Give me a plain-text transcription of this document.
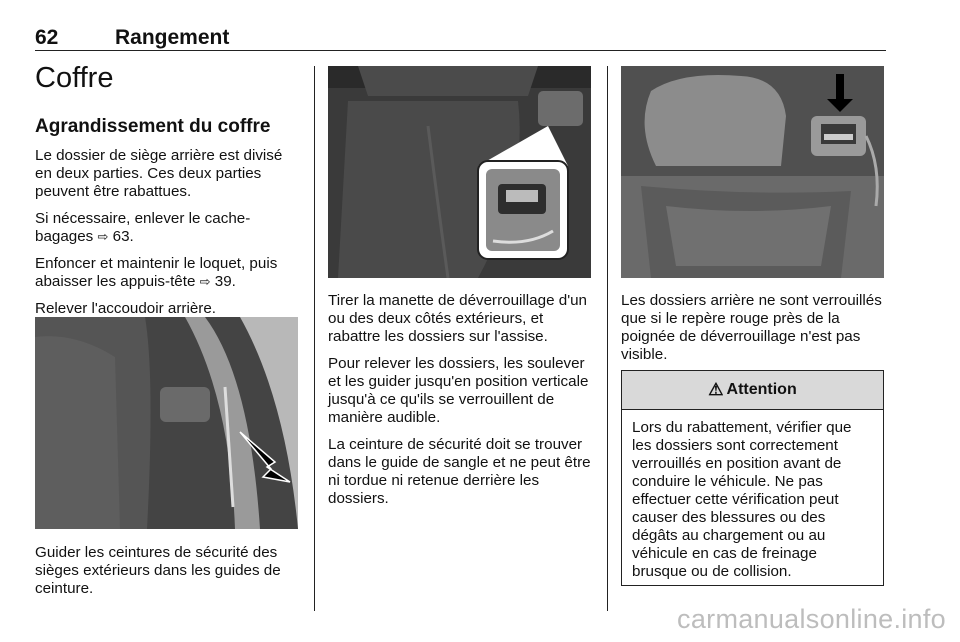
62	Rangement
Coffre
Agrandissement du coffre

Le dossier de siège arrière est divisé en deux parties. Ces deux parties peuvent être rabattues.

Si nécessaire, enlever le cache-bagages ⇨ 63.

Enfoncer et maintenir le loquet, puis abaisser les appuis-tête ⇨ 39.

Relever l'accoudoir arrière.

Guider les ceintures de sécurité des sièges extérieurs dans les guides de ceinture.

Tirer la manette de déverrouillage d'un ou des deux côtés extérieurs, et rabattre les dossiers sur l'assise.

Pour relever les dossiers, les soulever et les guider jusqu'en position verticale jusqu'à ce qu'ils se verrouillent de manière audible.

La ceinture de sécurité doit se trouver dans le guide de sangle et ne peut être ni tordue ni retenue derrière les dossiers.

Les dossiers arrière ne sont verrouillés que si le repère rouge près de la poignée de déverrouillage n'est pas visible.

⚠ Attention
Lors du rabattement, vérifier que les dossiers sont correctement verrouillés en position avant de conduire le véhicule. Ne pas effectuer cette vérification peut causer des blessures ou des dégâts au chargement ou au véhicule en cas de freinage brusque ou de collision.
carmanualsonline.info
